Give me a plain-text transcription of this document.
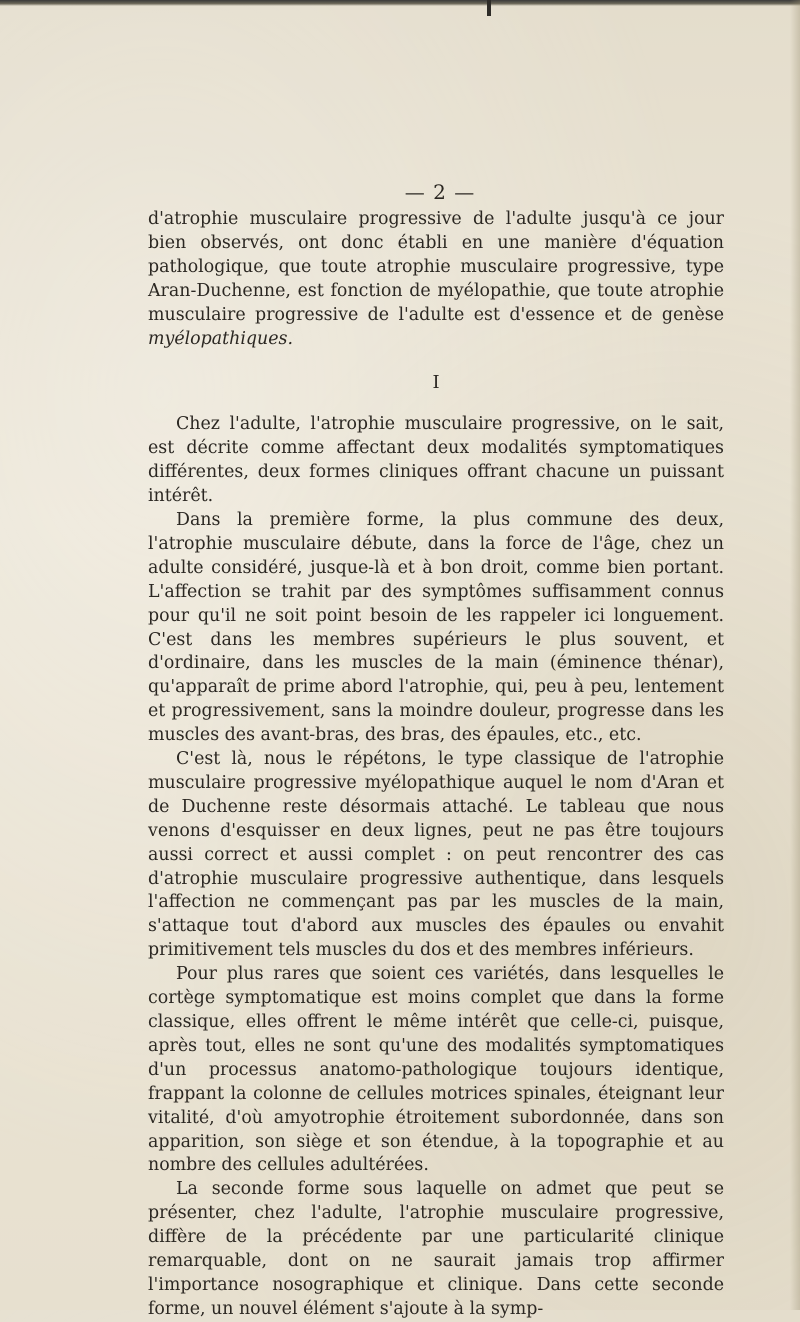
— 2 —

d'atrophie musculaire progressive de l'adulte jusqu'à ce jour bien observés, ont donc établi en une manière d'équation pathologique, que toute atrophie musculaire progressive, type Aran-Duchenne, est fonction de myélopathie, que toute atrophie musculaire progressive de l'adulte est d'essence et de genèse myélopathiques.

I

Chez l'adulte, l'atrophie musculaire progressive, on le sait, est décrite comme affectant deux modalités symptomatiques différentes, deux formes cliniques offrant chacune un puissant intérêt.

Dans la première forme, la plus commune des deux, l'atrophie musculaire débute, dans la force de l'âge, chez un adulte considéré, jusque-là et à bon droit, comme bien portant. L'affection se trahit par des symptômes suffisamment connus pour qu'il ne soit point besoin de les rappeler ici longuement. C'est dans les membres supérieurs le plus souvent, et d'ordinaire, dans les muscles de la main (éminence thénar), qu'apparaît de prime abord l'atrophie, qui, peu à peu, lentement et progressivement, sans la moindre douleur, progresse dans les muscles des avant-bras, des bras, des épaules, etc., etc.

C'est là, nous le répétons, le type classique de l'atrophie musculaire progressive myélopathique auquel le nom d'Aran et de Duchenne reste désormais attaché. Le tableau que nous venons d'esquisser en deux lignes, peut ne pas être toujours aussi correct et aussi complet : on peut rencontrer des cas d'atrophie musculaire progressive authentique, dans lesquels l'affection ne commençant pas par les muscles de la main, s'attaque tout d'abord aux muscles des épaules ou envahit primitivement tels muscles du dos et des membres inférieurs.

Pour plus rares que soient ces variétés, dans lesquelles le cortège symptomatique est moins complet que dans la forme classique, elles offrent le même intérêt que celle-ci, puisque, après tout, elles ne sont qu'une des modalités symptomatiques d'un processus anatomo-pathologique toujours identique, frappant la colonne de cellules motrices spinales, éteignant leur vitalité, d'où amyotrophie étroitement subordonnée, dans son apparition, son siège et son étendue, à la topographie et au nombre des cellules adultérées.

La seconde forme sous laquelle on admet que peut se présenter, chez l'adulte, l'atrophie musculaire progressive, diffère de la précédente par une particularité clinique remarquable, dont on ne saurait jamais trop affirmer l'importance nosographique et clinique. Dans cette seconde forme, un nouvel élément s'ajoute à la symp-
